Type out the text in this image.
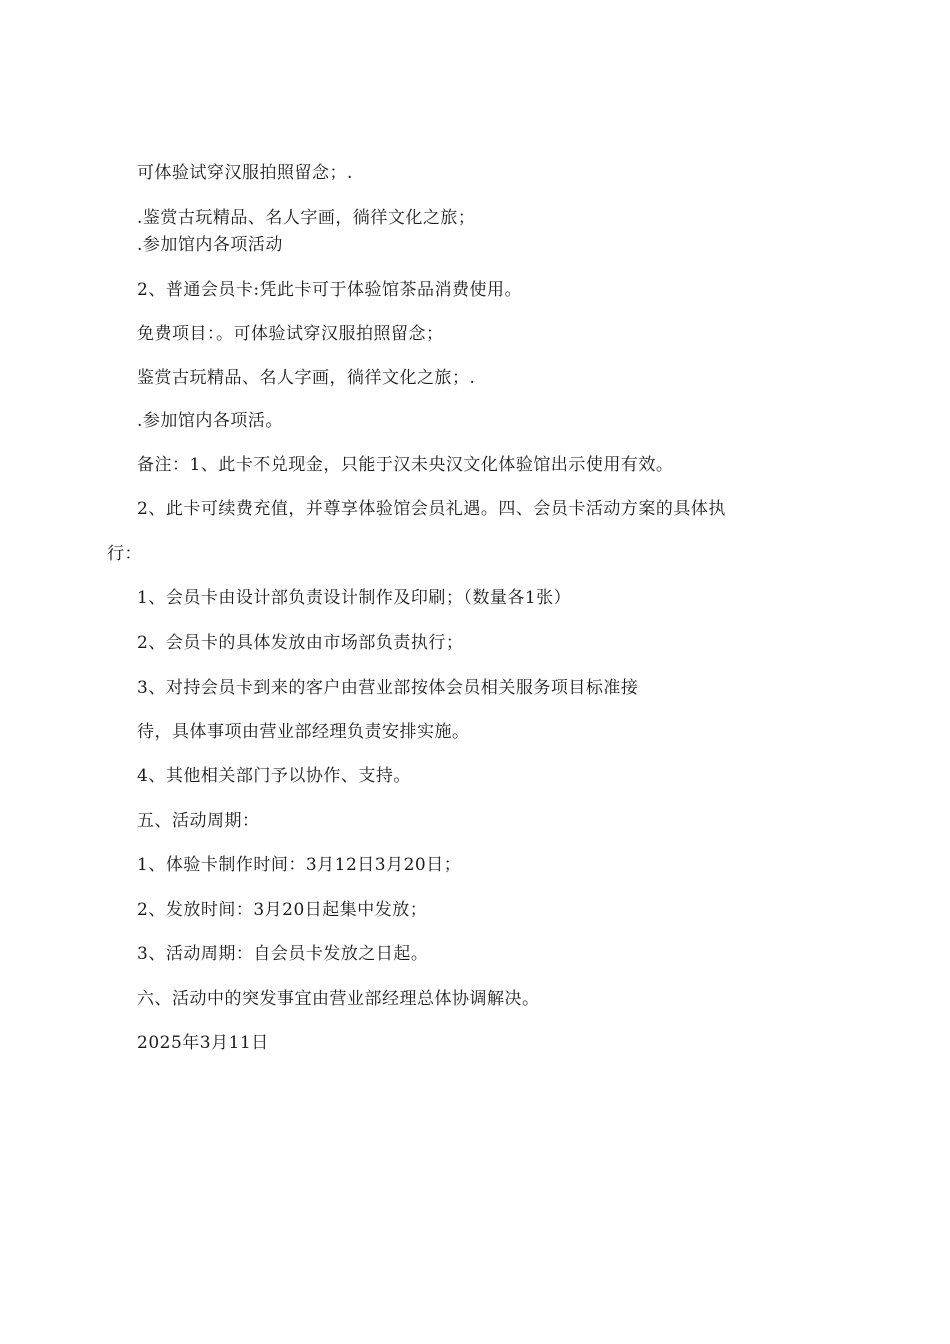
可体验试穿汉服拍照留念；.
.鉴赏古玩精品、名人字画，徜徉文化之旅；
.参加馆内各项活动
2、普通会员卡:凭此卡可于体验馆茶品消费使用。
免费项目：。可体验试穿汉服拍照留念；
鉴赏古玩精品、名人字画，徜徉文化之旅；.
.参加馆内各项活。
备注：1、此卡不兑现金，只能于汉未央汉文化体验馆出示使用有效。
2、此卡可续费充值，并尊享体验馆会员礼遇。四、会员卡活动方案的具体执
行：
1、会员卡由设计部负责设计制作及印刷；（数量各1张）
2、会员卡的具体发放由市场部负责执行；
3、对持会员卡到来的客户由营业部按体会员相关服务项目标准接
待，具体事项由营业部经理负责安排实施。
4、其他相关部门予以协作、支持。
五、活动周期：
1、体验卡制作时间：3月12日3月20日；
2、发放时间：3月20日起集中发放；
3、活动周期：自会员卡发放之日起。
六、活动中的突发事宜由营业部经理总体协调解决。
2025年3月11日
